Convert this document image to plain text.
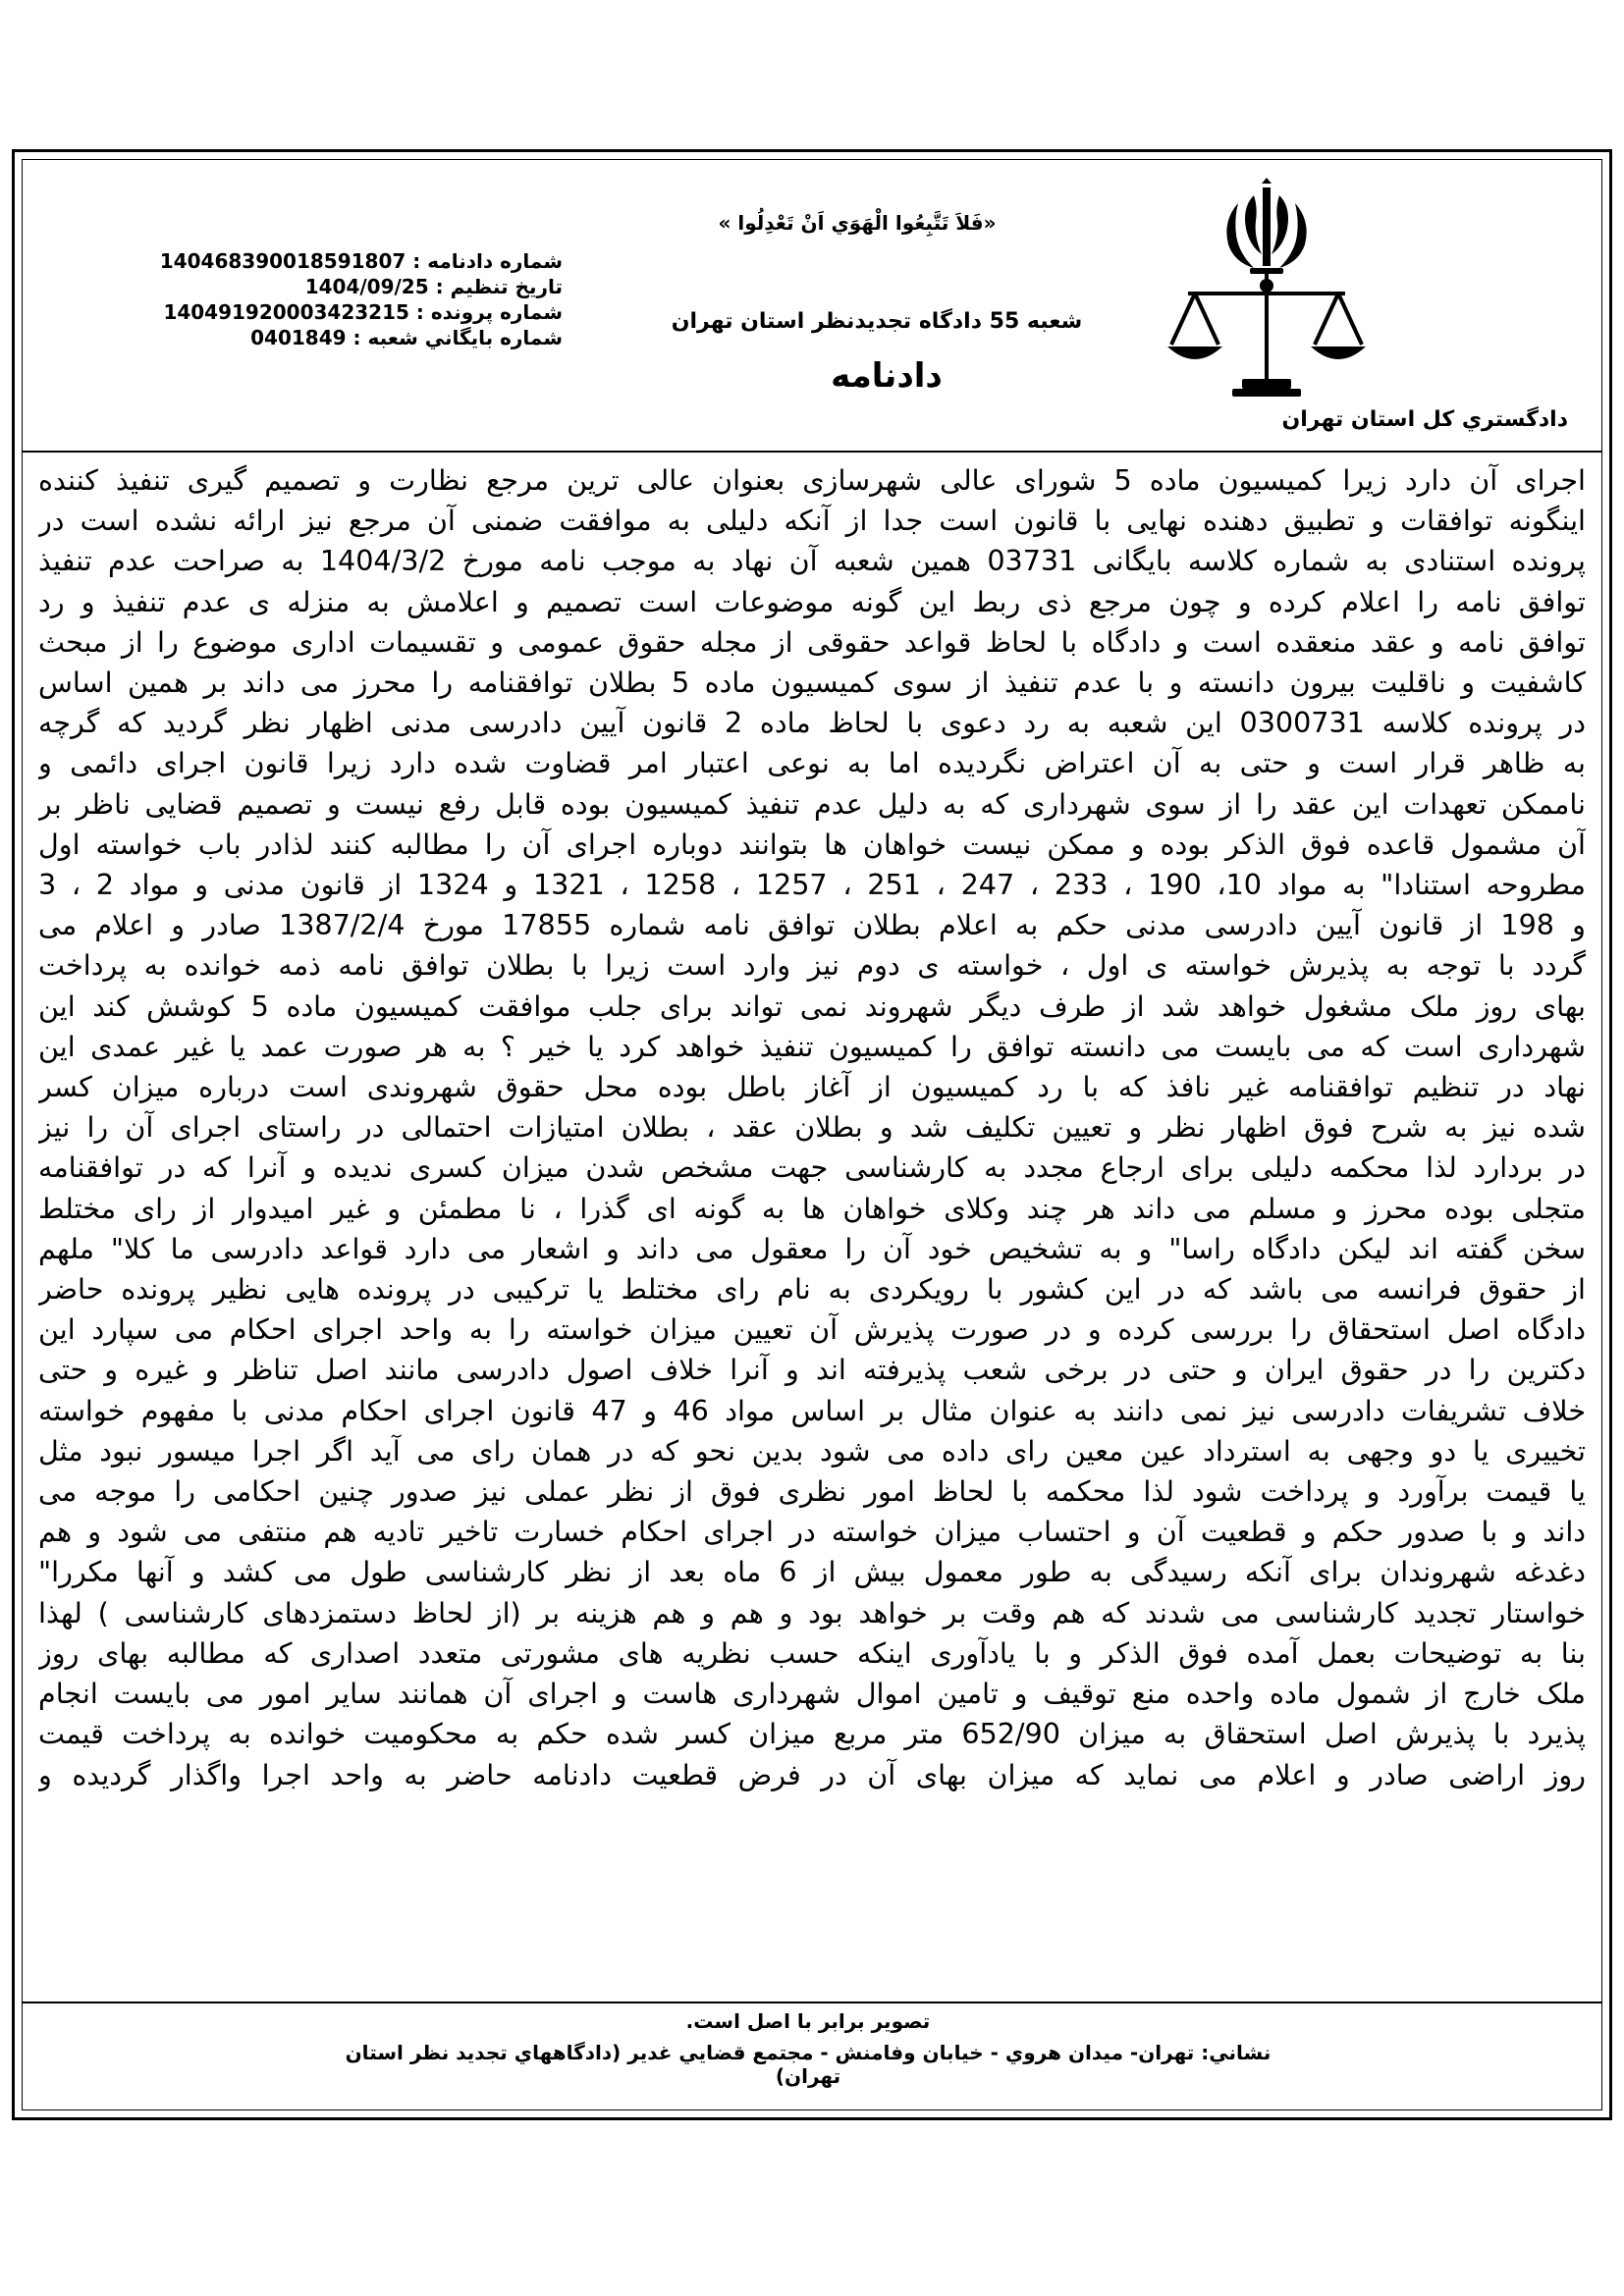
دادگستري کل استان تهران
«فَلاَ تَتَّبِعُوا الْهَوَي اَنْ تَعْدِلُوا »
شعبه 55 دادگاه تجديدنظر استان تهران
دادنامه
شماره دادنامه : 140468390018591807
تاريخ تنظيم : 1404/09/25
شماره پرونده : 140491920003423215
شماره بايگاني شعبه : 0401849
اجرای آن دارد زیرا کمیسیون ماده 5 شورای عالی شهرسازی بعنوان عالی ترین مرجع نظارت و تصمیم گیری تنفیذ کننده
اینگونه توافقات و تطبیق دهنده نهایی با قانون است جدا از آنکه دلیلی به موافقت ضمنی آن مرجع نیز ارائه نشده است در
پرونده استنادی به شماره کلاسه بایگانی 03731 همین شعبه آن نهاد به موجب نامه مورخ 1404/3/2 به صراحت عدم تنفیذ
توافق نامه را اعلام کرده و چون مرجع ذی ربط این گونه موضوعات است تصمیم و اعلامش به منزله ی عدم تنفیذ و رد
توافق نامه و عقد منعقده است و دادگاه با لحاظ قواعد حقوقی از مجله حقوق عمومی و تقسیمات اداری موضوع را از مبحث
کاشفیت و ناقلیت بیرون دانسته و با عدم تنفیذ از سوی کمیسیون ماده 5 بطلان توافقنامه را محرز می داند بر همین اساس
در پرونده کلاسه 0300731 این شعبه به رد دعوی با لحاظ ماده 2 قانون آیین دادرسی مدنی اظهار نظر گردید که گرچه
به ظاهر قرار است و حتی به آن اعتراض نگردیده اما به نوعی اعتبار امر قضاوت شده دارد زیرا قانون اجرای دائمی و
ناممکن تعهدات این عقد را از سوی شهرداری که به دلیل عدم تنفیذ کمیسیون بوده قابل رفع نیست و تصمیم قضایی ناظر بر
آن مشمول قاعده فوق الذکر بوده و ممکن نیست خواهان ها بتوانند دوباره اجرای آن را مطالبه کنند لذادر باب خواسته اول
مطروحه استنادا" به مواد 10، 190 ، 233 ، 247 ، 251 ، 1257 ، 1258 ، 1321 و 1324 از قانون مدنی و مواد 2 ، 3
و 198 از قانون آیین دادرسی مدنی حکم به اعلام بطلان توافق نامه شماره 17855 مورخ 1387/2/4 صادر و اعلام می
گردد با توجه به پذیرش خواسته ی اول ، خواسته ی دوم نیز وارد است زیرا با بطلان توافق نامه ذمه خوانده به پرداخت
بهای روز ملک مشغول خواهد شد از طرف دیگر شهروند نمی تواند برای جلب موافقت کمیسیون ماده 5 کوشش کند این
شهرداری است که می بایست می دانسته توافق را کمیسیون تنفیذ خواهد کرد یا خیر ؟ به هر صورت عمد یا غیر عمدی این
نهاد در تنظیم توافقنامه غیر نافذ که با رد کمیسیون از آغاز باطل بوده محل حقوق شهروندی است درباره میزان کسر
شده نیز به شرح فوق اظهار نظر و تعیین تکلیف شد و بطلان عقد ، بطلان امتیازات احتمالی در راستای اجرای آن را نیز
در بردارد لذا محکمه دلیلی برای ارجاع مجدد به کارشناسی جهت مشخص شدن میزان کسری ندیده و آنرا که در توافقنامه
متجلی بوده محرز و مسلم می داند هر چند وکلای خواهان ها به گونه ای گذرا ، نا مطمئن و غیر امیدوار از رای مختلط
سخن گفته اند لیکن دادگاه راسا" و به تشخیص خود آن را معقول می داند و اشعار می دارد قواعد دادرسی ما کلا" ملهم
از حقوق فرانسه می باشد که در این کشور با رویکردی به نام رای مختلط یا ترکیبی در پرونده هایی نظیر پرونده حاضر
دادگاه اصل استحقاق را بررسی کرده و در صورت پذیرش آن تعیین میزان خواسته را به واحد اجرای احکام می سپارد این
دکترین را در حقوق ایران و حتی در برخی شعب پذیرفته اند و آنرا خلاف اصول دادرسی مانند اصل تناظر و غیره و حتی
خلاف تشریفات دادرسی نیز نمی دانند به عنوان مثال بر اساس مواد 46 و 47 قانون اجرای احکام مدنی با مفهوم خواسته
تخییری یا دو وجهی به استرداد عین معین رای داده می شود بدین نحو که در همان رای می آید اگر اجرا میسور نبود مثل
یا قیمت برآورد و پرداخت شود لذا محکمه با لحاظ امور نظری فوق از نظر عملی نیز صدور چنین احکامی را موجه می
داند و با صدور حکم و قطعیت آن و احتساب میزان خواسته در اجرای احکام خسارت تاخیر تادیه هم منتفی می شود و هم
دغدغه شهروندان برای آنکه رسیدگی به طور معمول بیش از 6 ماه بعد از نظر کارشناسی طول می کشد و آنها مکررا"
خواستار تجدید کارشناسی می شدند که هم وقت بر خواهد بود و هم و هم هزینه بر (از لحاظ دستمزدهای کارشناسی ) لهذا
بنا به توضیحات بعمل آمده فوق الذکر و با یادآوری اینکه حسب نظریه های مشورتی متعدد اصداری که مطالبه بهای روز
ملک خارج از شمول ماده واحده منع توقیف و تامین اموال شهرداری هاست و اجرای آن همانند سایر امور می بایست انجام
پذیرد با پذیرش اصل استحقاق به میزان 652/90 متر مربع میزان کسر شده حکم به محکومیت خوانده به پرداخت قیمت
روز اراضی صادر و اعلام می نماید که میزان بهای آن در فرض قطعیت دادنامه حاضر به واحد اجرا واگذار گردیده و
تصوير برابر با اصل است.
نشاني: تهران- ميدان هروي - خيابان وفامنش - مجتمع قضايي غدير (دادگاههاي تجديد نظر استان تهران)
